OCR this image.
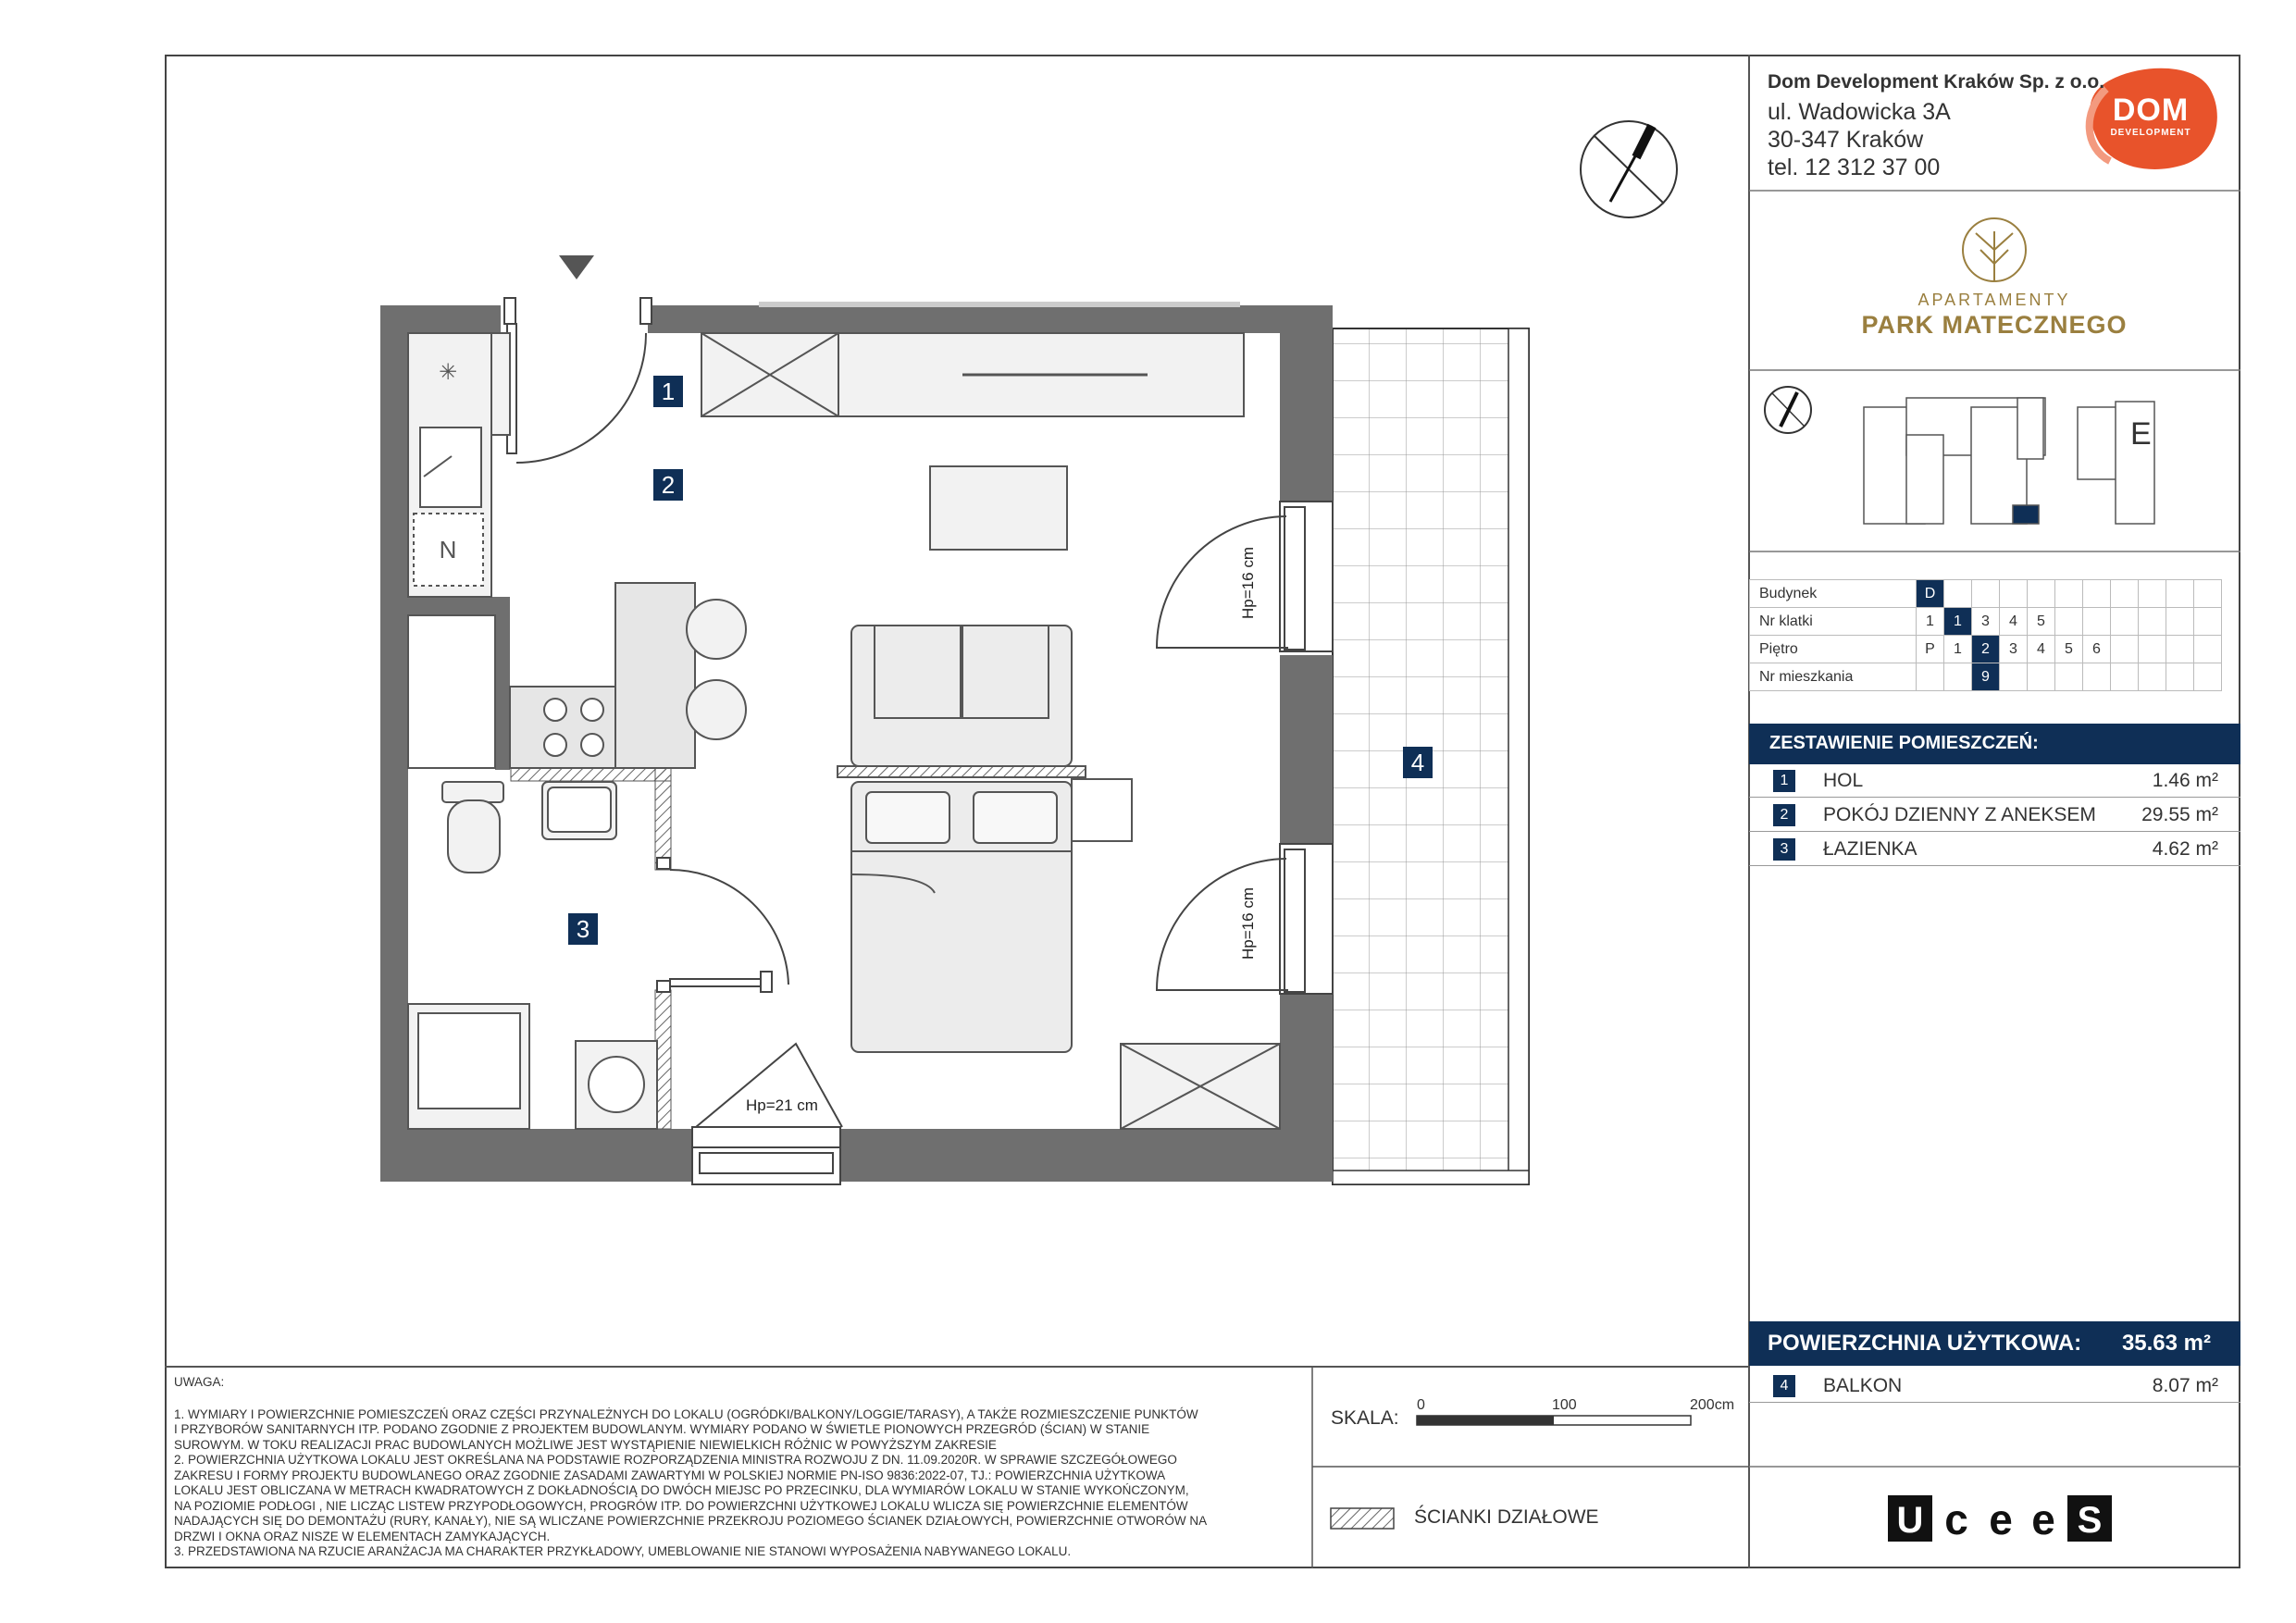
✳
N
Dom Development Kraków Sp. z o.o.
ul. Wadowicka 3A
30-347 Kraków
tel. 12 312 37 00
DOM
DEVELOPMENT
APARTAMENTY
PARK MATECZNEGO
E
Budynek	D										
Nr klatki	1	1	3	4	5						
Piętro	P	1	2	3	4	5	6				
Nr mieszkania			9								
ZESTAWIENIE POMIESZCZEŃ:
1	HOL	1.46 m²
2	POKÓJ DZIENNY Z ANEKSEM 29.55 m²
3	ŁAZIENKA	4.62 m²
POWIERZCHNIA UŻYTKOWA: 35.63 m²
4	BALKON	8.07 m²
1
2
3
4
Hp=16 cm
Hp=16 cm
Hp=21 cm
UWAGA:
1. WYMIARY I POWIERZCHNIE POMIESZCZEŃ ORAZ CZĘŚCI PRZYNALEŻNYCH DO LOKALU (OGRÓDKI/BALKONY/LOGGIE/TARASY), A TAKŻE ROZMIESZCZENIE PUNKTÓW
I PRZYBORÓW SANITARNYCH ITP. PODANO ZGODNIE Z PROJEKTEM BUDOWLANYM. WYMIARY PODANO W ŚWIETLE PIONOWYCH PRZEGRÓD (ŚCIAN) W STANIE
SUROWYM. W TOKU REALIZACJI PRAC BUDOWLANYCH MOŻLIWE JEST WYSTĄPIENIE NIEWIELKICH RÓŻNIC W POWYŻSZYM ZAKRESIE
2. POWIERZCHNIA UŻYTKOWA LOKALU JEST OKREŚLANA NA PODSTAWIE ROZPORZĄDZENIA MINISTRA ROZWOJU Z DN. 11.09.2020R. W SPRAWIE SZCZEGÓŁOWEGO
ZAKRESU I FORMY PROJEKTU BUDOWLANEGO ORAZ ZGODNIE ZASADAMI ZAWARTYMI W POLSKIEJ NORMIE PN-ISO 9836:2022-07, TJ.: POWIERZCHNIA UŻYTKOWA
LOKALU JEST OBLICZANA W METRACH KWADRATOWYCH Z DOKŁADNOŚCIĄ DO DWÓCH MIEJSC PO PRZECINKU, DLA WYMIARÓW LOKALU W STANIE WYKOŃCZONYM,
NA POZIOMIE PODŁOGI , NIE LICZĄC LISTEW PRZYPODŁOGOWYCH, PROGRÓW ITP. DO POWIERZCHNI UŻYTKOWEJ LOKALU WLICZA SIĘ POWIERZCHNIE ELEMENTÓW
NADAJĄCYCH SIĘ DO DEMONTAŻU (RURY, KANAŁY), NIE SĄ WLICZANE POWIERZCHNIE PRZEKROJU POZIOMEGO ŚCIANEK DZIAŁOWYCH, POWIERZCHNIE OTWORÓW NA
DRZWI I OKNA ORAZ NISZE W ELEMENTACH ZAMYKAJĄCYCH.
3. PRZEDSTAWIONA NA RZUCIE ARANŻACJA MA CHARAKTER PRZYKŁADOWY, UMEBLOWANIE NIE STANOWI WYPOSAŻENIA NABYWANEGO LOKALU.
SKALA:
0	100	200cm
ŚCIANKI DZIAŁOWE	U c e e S
